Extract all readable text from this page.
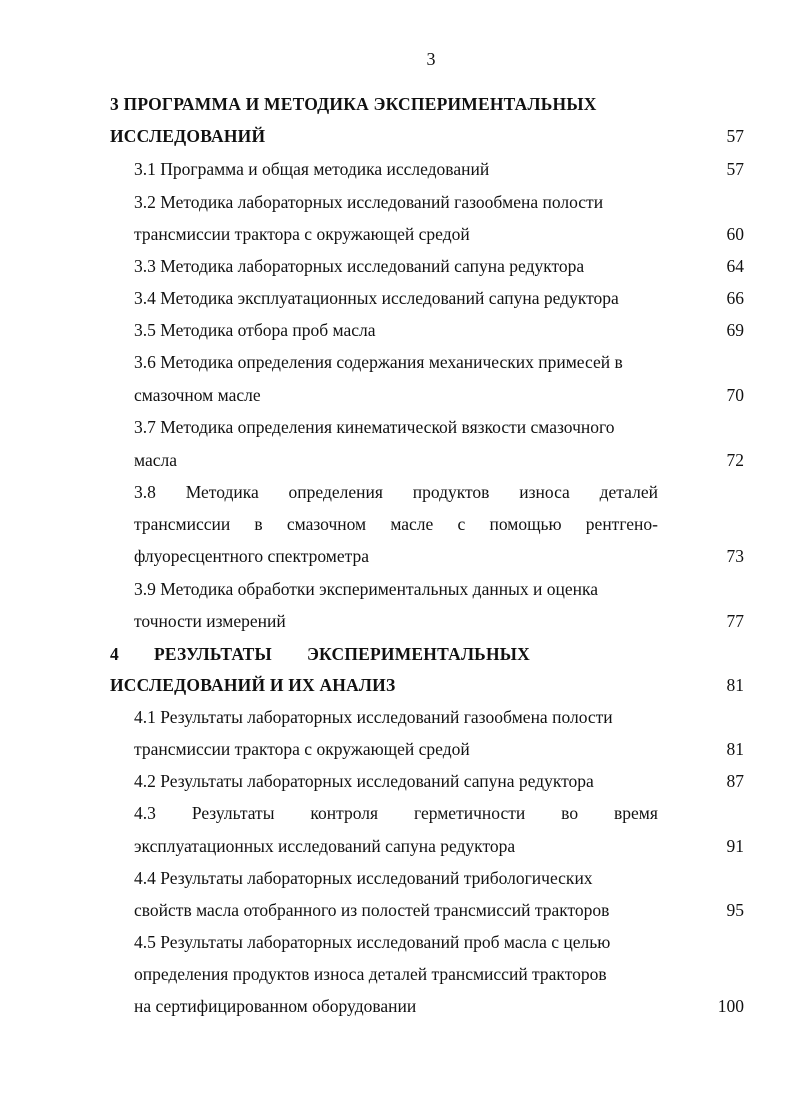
3
3 ПРОГРАММА И МЕТОДИКА ЭКСПЕРИМЕНТАЛЬНЫХ
ИССЛЕДОВАНИЙ	57
3.1 Программа и общая методика исследований	57
3.2 Методика лабораторных исследований газообмена полости
трансмиссии трактора с окружающей средой	60
3.3 Методика лабораторных исследований сапуна редуктора	64
3.4 Методика эксплуатационных исследований сапуна редуктора	66
3.5 Методика отбора проб масла	69
3.6 Методика определения содержания механических примесей в
смазочном масле	70
3.7 Методика определения кинематической вязкости смазочного
масла	72
3.8 Методика определения продуктов износа деталей
трансмиссии в смазочном масле с помощью рентгено-
флуоресцентного спектрометра	73
3.9 Методика обработки экспериментальных данных и оценка
точности измерений	77
4 РЕЗУЛЬТАТЫ ЭКСПЕРИМЕНТАЛЬНЫХ
ИССЛЕДОВАНИЙ И ИХ АНАЛИЗ	81
4.1 Результаты лабораторных исследований газообмена полости
трансмиссии трактора с окружающей средой	81
4.2 Результаты лабораторных исследований сапуна редуктора	87
4.3 Результаты контроля герметичности во время
эксплуатационных исследований сапуна редуктора	91
4.4 Результаты лабораторных исследований трибологических
свойств масла отобранного из полостей трансмиссий тракторов	95
4.5 Результаты лабораторных исследований проб масла с целью
определения продуктов износа деталей трансмиссий тракторов
на сертифицированном оборудовании	100
